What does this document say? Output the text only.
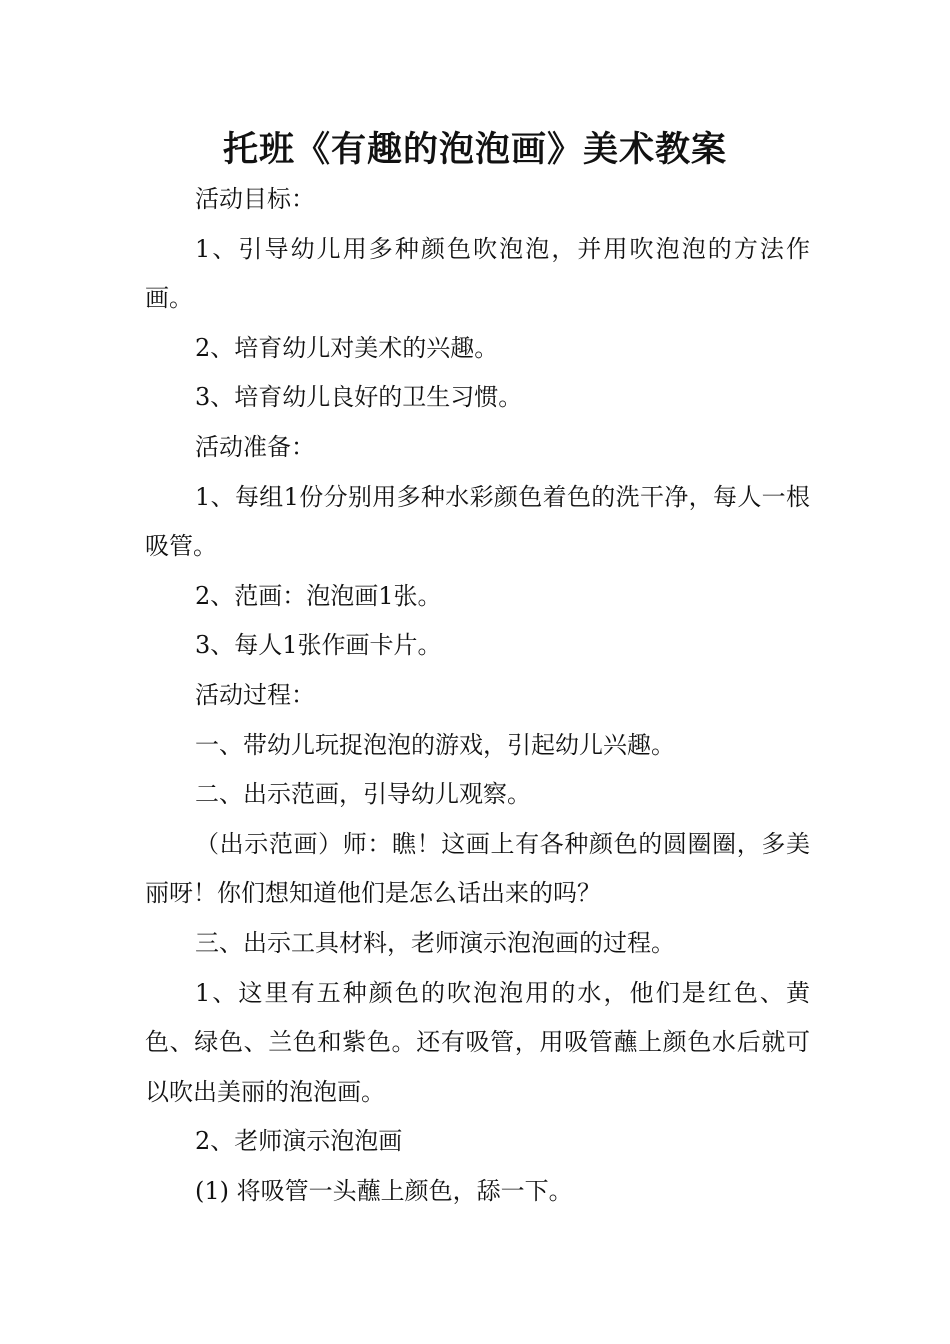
托班《有趣的泡泡画》美术教案

活动目标：

1、引导幼儿用多种颜色吹泡泡，并用吹泡泡的方法作画。

2、培育幼儿对美术的兴趣。

3、培育幼儿良好的卫生习惯。

活动准备：

1、每组1份分别用多种水彩颜色着色的洗干净，每人一根吸管。

2、范画：泡泡画1张。

3、每人1张作画卡片。

活动过程：

一、带幼儿玩捉泡泡的游戏，引起幼儿兴趣。

二、出示范画，引导幼儿观察。

（出示范画）师：瞧！这画上有各种颜色的圆圈圈，多美丽呀！你们想知道他们是怎么话出来的吗？

三、出示工具材料，老师演示泡泡画的过程。

1、这里有五种颜色的吹泡泡用的水，他们是红色、黄色、绿色、兰色和紫色。还有吸管，用吸管蘸上颜色水后就可以吹出美丽的泡泡画。

2、老师演示泡泡画

(1) 将吸管一头蘸上颜色，舔一下。
